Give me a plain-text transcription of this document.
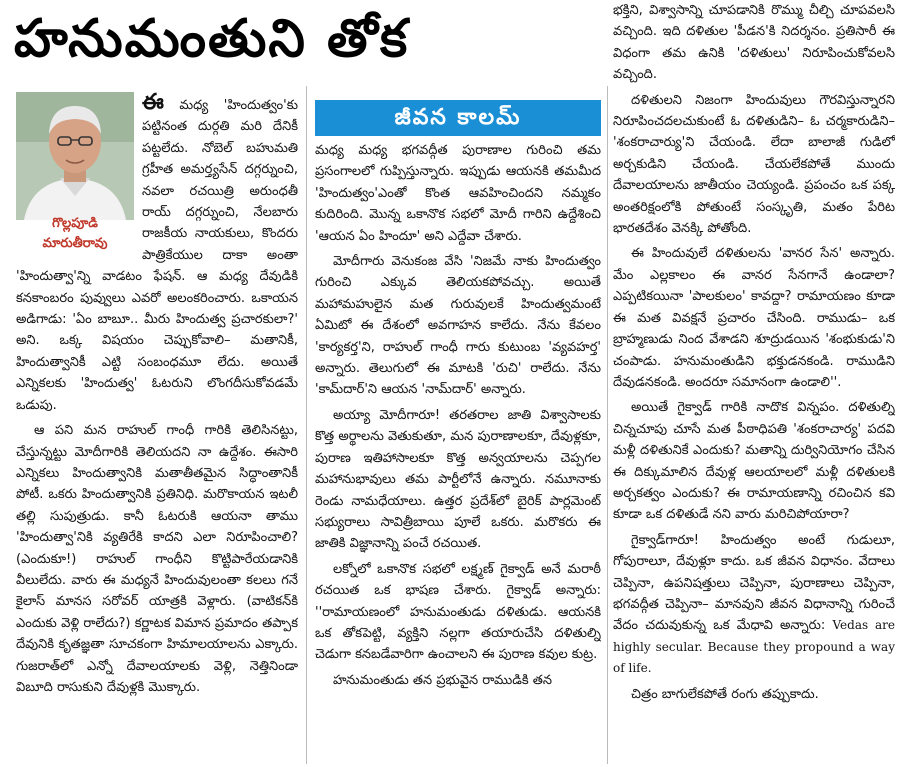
హనుమంతుని తోక
గొల్లపూడి
మారుతీరావు

ఈ మధ్య 'హిందుత్వం'కు పట్టినంత దుర్గతి మరి దేనికీ పట్టలేదు. నోబెల్ బహుమతి గ్రహీత అమర్త్యసేన్ దగ్గర్నుంచి, నవలా రచయిత్రి అరుంధతీ రాయ్ దగ్గర్నుంచి, నేలబారు రాజకీయ నాయకులు, కొందరు పాత్రికేయుల దాకా అంతా 'హిందుత్వా'న్ని వాడటం ఫేషన్. ఆ మధ్య దేవుడికి కనకాంబరం పువ్వులు ఎవరో అలంకరించారు. ఒకాయన అడిగాడు: 'ఏం బాబూ.. మీరు హిందుత్వ ప్రచారకులా?' అని. ఒక్క విషయం చెప్పుకోవాలి– మతానికీ, హిందుత్వానికీ ఎట్టి సంబంధమూ లేదు. అయితే ఎన్నికలకు 'హిందుత్వ' ఓటరుని లొంగదీసుకోవడమే ఒడుపు.

ఆ పని మన రాహుల్ గాంధీ గారికి తెలిసినట్టు, చేస్తున్నట్టు మోదీగారికి తెలియదని నా ఉద్దేశం. ఈసారి ఎన్నికలు హిందుత్వానికి మతాతీతమైన సిద్ధాంతానికీ పోటీ. ఒకరు హిందుత్వానికి ప్రతినిధి. మరొకాయన ఇటలీ తల్లి సుపుత్రుడు. కానీ ఓటరుకి ఆయనా తాము 'హిందుత్వా'నికి వ్యతిరేకి కాదని ఎలా నిరూపించాలి? (ఎందుకూ!) రాహుల్ గాంధీని కొట్టిపారేయడానికి వీలులేదు. వారు ఈ మధ్యనే హిందువులంతా కలలు గనే కైలాస్ మానస సరోవర్ యాత్రకి వెళ్లారు. (వాటికన్‌కి ఎందుకు వెళ్లి రాలేదు?) కర్ణాటక విమాన ప్రమాదం తప్పాక దేవునికి కృతజ్ఞతా సూచకంగా హిమాలయాలను ఎక్కారు. గుజరాత్‌లో ఎన్నో దేవాలయాలకు వెళ్లి, నెత్తినిండా విబూది రాసుకుని దేవుళ్లకి మొక్కారు.

జీవన కాలమ్

మధ్య మధ్య భగవద్గీత పురాణాల గురించి తమ ప్రసంగాలలో గుప్పిస్తున్నారు. ఇప్పుడు ఆయనకి తమమీద 'హిందుత్వం'ఎంతో కొంత ఆవహించిందని నమ్మకం కుదిరింది. మొన్న ఒకానొక సభలో మోదీ గారిని ఉద్దేశించి 'ఆయన ఏం హిందూ' అని ఎద్దేవా చేశారు.

మోదీగారు వెనుకంజ వేసి 'నిజమే నాకు హిందుత్వం గురించి ఎక్కువ తెలియకపోవచ్చు. అయితే మహామహులైన మత గురువులకే హిందుత్వమంటే ఏమిటో ఈ దేశంలో అవగాహన కాలేదు. నేను కేవలం 'కార్యకర్త'ని, రాహుల్ గాంధీ గారు కుటుంబ 'వ్యవహర్త' అన్నారు. తెలుగులో ఈ మాటకి 'రుచి' రాలేదు. నేను 'కామ్‌దార్'ని ఆయన 'నామ్‌దార్' అన్నారు.

అయ్యా మోదీగారూ! తరతరాల జాతి విశ్వాసాలకు కొత్త అర్థాలను వెతుకుతూ, మన పురాణాలకూ, దేవుళ్లకూ, పురాణ ఇతిహాసాలకూ కొత్త అన్వయాలను చెప్పగల మహానుభావులు తమ పార్టీలోనే ఉన్నారు. నమూనాకు రెండు నామధేయాలు. ఉత్తర ప్రదేశ్‌లో బైరిక్ పార్లమెంట్ సభ్యురాలు సావిత్రీబాయి పూలే ఒకరు. మరొకరు ఈ జాతికి విజ్ఞానాన్ని పంచే రచయిత.

లక్నోలో ఒకానొక సభలో లక్ష్మణ్ గైక్వాడ్ అనే మరాఠీ రచయిత ఒక భాషణ చేశారు. గైక్వాడ్ అన్నారు: ''రామాయణంలో హనుమంతుడు దళితుడు. ఆయనకి ఒక తోకపెట్టి, వ్యక్తిని నల్లగా తయారుచేసి దళితుల్ని చెడుగా కనబడేవారిగా ఉంచాలని ఈ పురాణ కవుల కుట్ర.

హనుమంతుడు తన ప్రభువైన రాముడికి తన

భక్తిని, విశ్వాసాన్ని చూపడానికి రొమ్ము చీల్చి చూపవలసి వచ్చింది. ఇది దళితుల 'పీడన'కి నిదర్శనం. ప్రతిసారీ ఈ విధంగా తమ ఉనికి 'దళితులు' నిరూపించుకోవలసి వచ్చింది.

దళితులని నిజంగా హిందువులు గౌరవిస్తున్నారని నిరూపించదలచుకుంటే ఓ దళితుడిని– ఓ చర్మకారుడిని– 'శంకరాచార్యు'ని చేయండి. లేదా బాలాజీ గుడిలో అర్చకుడిని చేయండి. చేయలేకపోతే ముందు దేవాలయాలను జాతీయం చెయ్యండి. ప్రపంచం ఒక పక్క అంతరిక్షంలోకి పోతుంటే సంస్కృతి, మతం పేరిట భారతదేశం వెనక్కి పోతోంది.

ఈ హిందువులే దళితులను 'వానర సేన' అన్నారు. మేం ఎల్లకాలం ఈ వానర సేనగానే ఉండాలా? ఎప్పటికయినా 'పాలకులం' కావద్దా? రామాయణం కూడా ఈ మత వివక్షనే ప్రచారం చేసింది. రాముడు– ఒక బ్రాహ్మణుడు నింద వేశాడని శూద్రుడయిన 'శంభుకుడు'ని చంపాడు. హనుమంతుడిని భక్తుడనకండి. రాముడిని దేవుడనకండి. అందరూ సమానంగా ఉండాలి''.

అయితే గైక్వాడ్ గారికి నాదొక విన్నపం. దళితుల్ని చిన్నచూపు చూసే మత పీఠాధిపతి 'శంకరాచార్య' పదవి మళ్లీ దళితునికే ఎందుకు? మతాన్ని దుర్వినియోగం చేసిన ఈ దిక్కుమాలిన దేవుళ్ల ఆలయాలలో మళ్లీ దళితులకి అర్చకత్వం ఎందుకు? ఈ రామాయణాన్ని రచించిన కవి కూడా ఒక దళితుడే నని వారు మరిచిపోయారా?

గైక్వాడ్‌గారూ! హిందుత్వం అంటే గుడులూ, గోపురాలూ, దేవుళ్లూ కాదు. ఒక జీవన విధానం. వేదాలు చెప్పినా, ఉపనిషత్తులు చెప్పినా, పురాణాలు చెప్పినా, భగవద్గీత చెప్పినా– మానవుని జీవన విధానాన్ని గురించే వేదం చదువుకున్న ఒక మేధావి అన్నారు: Vedas are highly secular. Because they propound a way of life.

చిత్రం బాగులేకపోతే రంగు తప్పుకాదు.
